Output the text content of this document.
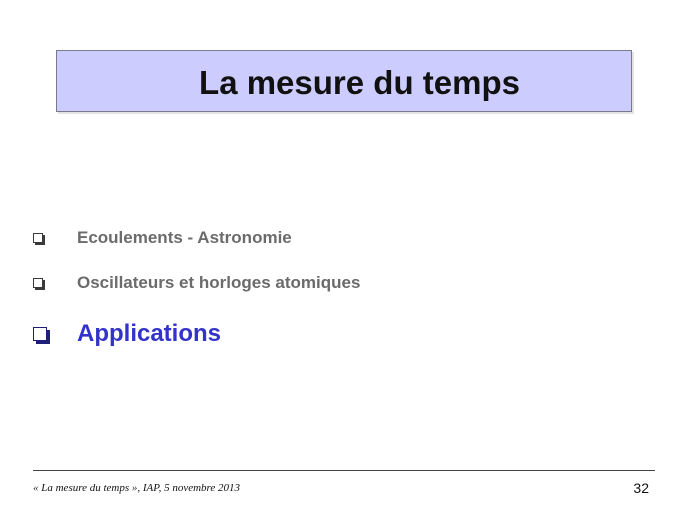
La mesure du temps
Ecoulements - Astronomie
Oscillateurs et horloges atomiques
Applications
« La mesure du temps », IAP, 5 novembre 2013	32
